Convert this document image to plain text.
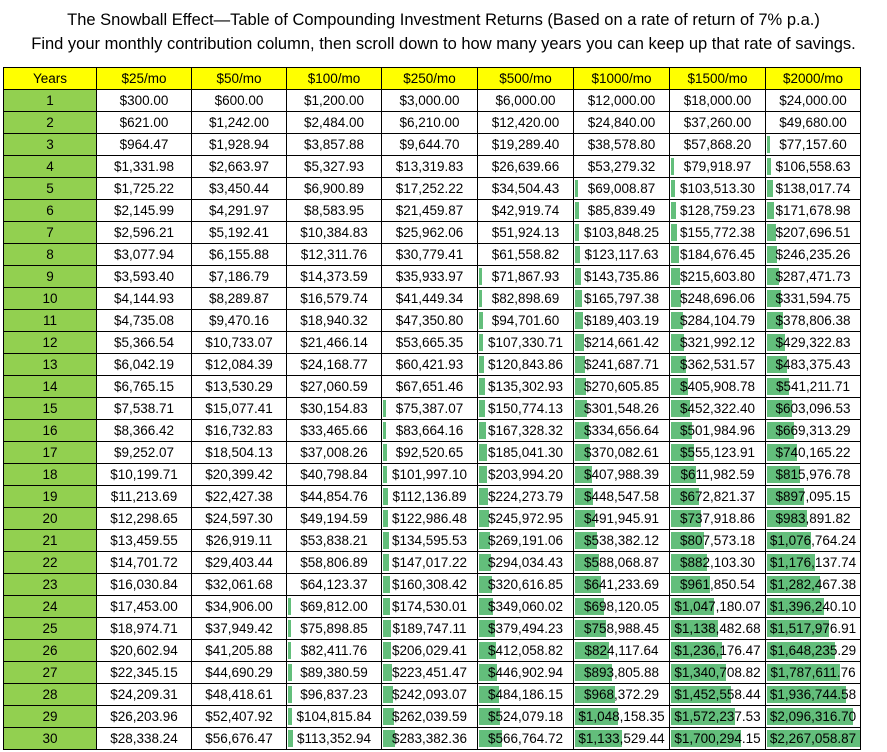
The Snowball Effect—Table of Compounding Investment Returns (Based on a rate of return of 7% p.a.)
Find your monthly contribution column, then scroll down to how many years you can keep up that rate of savings.
Years	$25/mo	$50/mo	$100/mo	$250/mo	$500/mo	$1000/mo	$1500/mo	$2000/mo
1	$300.00	$600.00	$1,200.00	$3,000.00	$6,000.00	$12,000.00	$18,000.00	$24,000.00
2	$621.00	$1,242.00	$2,484.00	$6,210.00	$12,420.00	$24,840.00	$37,260.00	$49,680.00
3	$964.47	$1,928.94	$3,857.88	$9,644.70	$19,289.40	$38,578.80	$57,868.20	$77,157.60
4	$1,331.98	$2,663.97	$5,327.93	$13,319.83	$26,639.66	$53,279.32	$79,918.97	$106,558.63
5	$1,725.22	$3,450.44	$6,900.89	$17,252.22	$34,504.43	$69,008.87	$103,513.30	$138,017.74
6	$2,145.99	$4,291.97	$8,583.95	$21,459.87	$42,919.74	$85,839.49	$128,759.23	$171,678.98
7	$2,596.21	$5,192.41	$10,384.83	$25,962.06	$51,924.13	$103,848.25	$155,772.38	$207,696.51
8	$3,077.94	$6,155.88	$12,311.76	$30,779.41	$61,558.82	$123,117.63	$184,676.45	$246,235.26
9	$3,593.40	$7,186.79	$14,373.59	$35,933.97	$71,867.93	$143,735.86	$215,603.80	$287,471.73
10	$4,144.93	$8,289.87	$16,579.74	$41,449.34	$82,898.69	$165,797.38	$248,696.06	$331,594.75
11	$4,735.08	$9,470.16	$18,940.32	$47,350.80	$94,701.60	$189,403.19	$284,104.79	$378,806.38
12	$5,366.54	$10,733.07	$21,466.14	$53,665.35	$107,330.71	$214,661.42	$321,992.12	$429,322.83
13	$6,042.19	$12,084.39	$24,168.77	$60,421.93	$120,843.86	$241,687.71	$362,531.57	$483,375.43
14	$6,765.15	$13,530.29	$27,060.59	$67,651.46	$135,302.93	$270,605.85	$405,908.78	$541,211.71
15	$7,538.71	$15,077.41	$30,154.83	$75,387.07	$150,774.13	$301,548.26	$452,322.40	$603,096.53
16	$8,366.42	$16,732.83	$33,465.66	$83,664.16	$167,328.32	$334,656.64	$501,984.96	$669,313.29
17	$9,252.07	$18,504.13	$37,008.26	$92,520.65	$185,041.30	$370,082.61	$555,123.91	$740,165.22
18	$10,199.71	$20,399.42	$40,798.84	$101,997.10	$203,994.20	$407,988.39	$611,982.59	$815,976.78
19	$11,213.69	$22,427.38	$44,854.76	$112,136.89	$224,273.79	$448,547.58	$672,821.37	$897,095.15
20	$12,298.65	$24,597.30	$49,194.59	$122,986.48	$245,972.95	$491,945.91	$737,918.86	$983,891.82
21	$13,459.55	$26,919.11	$53,838.21	$134,595.53	$269,191.06	$538,382.12	$807,573.18	$1,076,764.24
22	$14,701.72	$29,403.44	$58,806.89	$147,017.22	$294,034.43	$588,068.87	$882,103.30	$1,176,137.74
23	$16,030.84	$32,061.68	$64,123.37	$160,308.42	$320,616.85	$641,233.69	$961,850.54	$1,282,467.38
24	$17,453.00	$34,906.00	$69,812.00	$174,530.01	$349,060.02	$698,120.05	$1,047,180.07	$1,396,240.10
25	$18,974.71	$37,949.42	$75,898.85	$189,747.11	$379,494.23	$758,988.45	$1,138,482.68	$1,517,976.91
26	$20,602.94	$41,205.88	$82,411.76	$206,029.41	$412,058.82	$824,117.64	$1,236,176.47	$1,648,235.29
27	$22,345.15	$44,690.29	$89,380.59	$223,451.47	$446,902.94	$893,805.88	$1,340,708.82	$1,787,611.76
28	$24,209.31	$48,418.61	$96,837.23	$242,093.07	$484,186.15	$968,372.29	$1,452,558.44	$1,936,744.58
29	$26,203.96	$52,407.92	$104,815.84	$262,039.59	$524,079.18	$1,048,158.35	$1,572,237.53	$2,096,316.70
30	$28,338.24	$56,676.47	$113,352.94	$283,382.36	$566,764.72	$1,133,529.44	$1,700,294.15	$2,267,058.87
